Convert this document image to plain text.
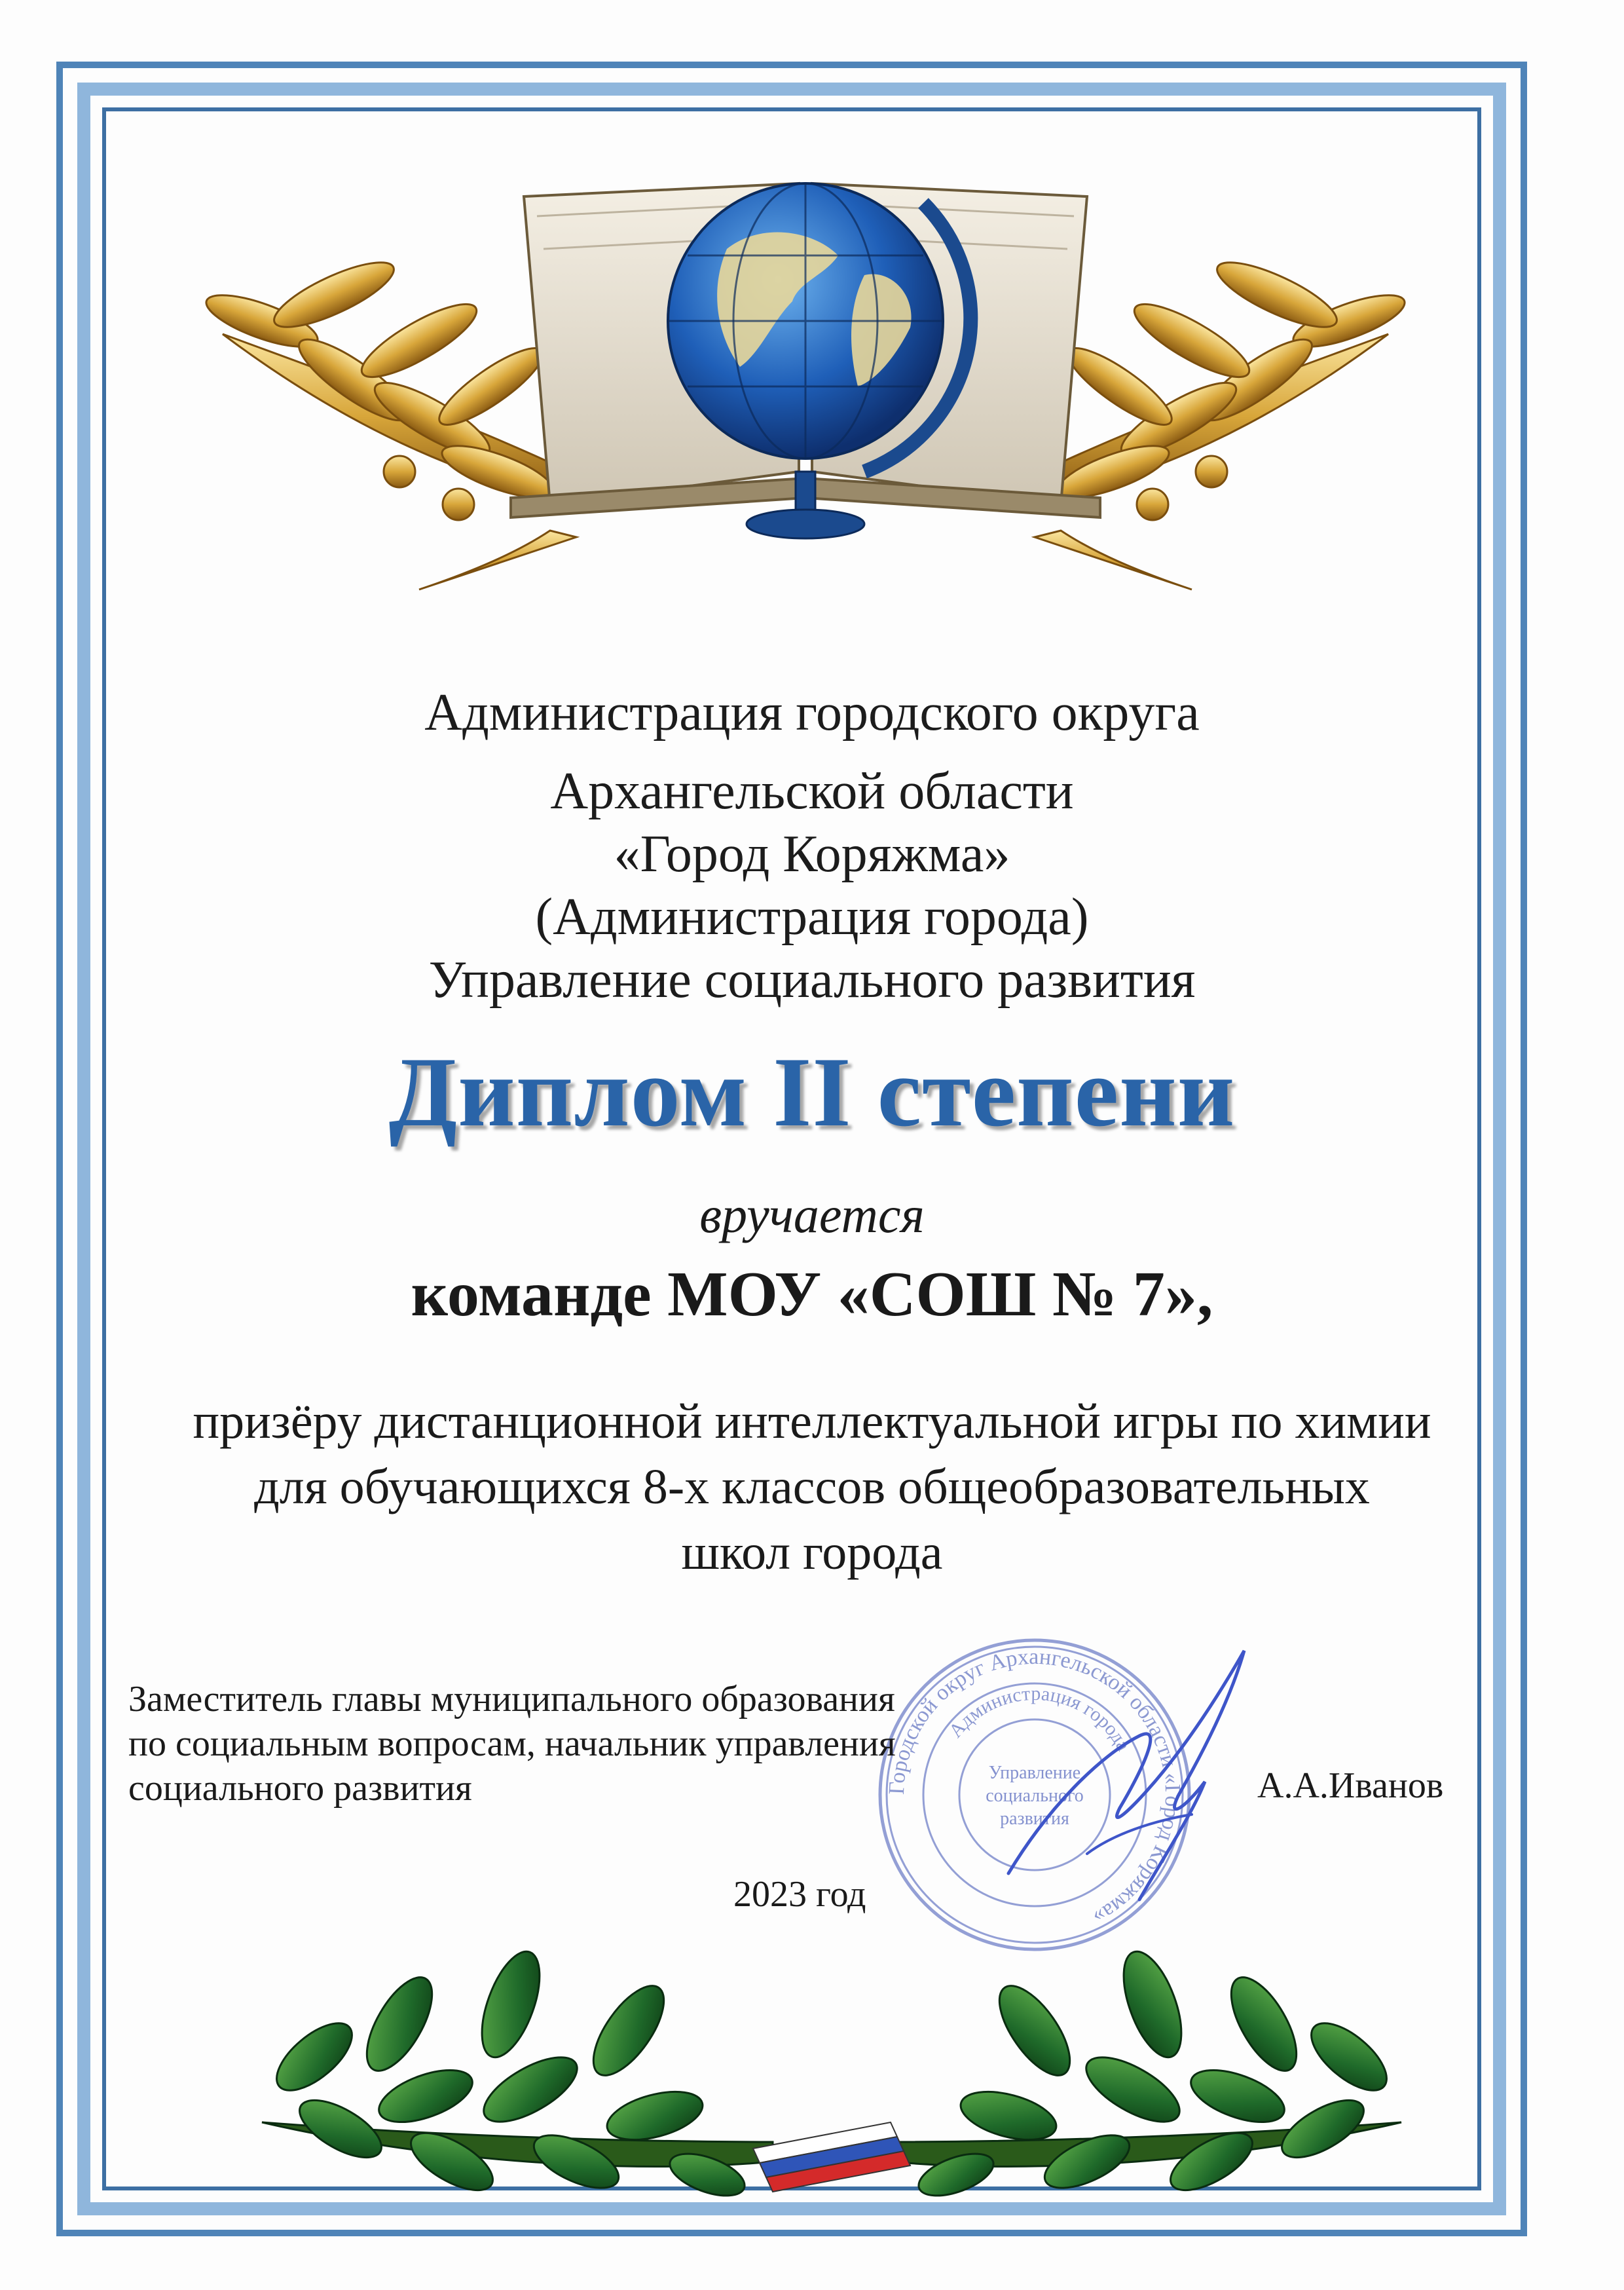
Администрация городского округа

Архангельской области

«Город Коряжма»

(Администрация города)

Управление социального развития

Диплом II степени
вручается
команде МОУ «СОШ № 7»,

призёру дистанционной интеллектуальной игры по химии

для обучающихся 8-х классов общеобразовательных

школ города

Городской округ Архангельской области «Город Коряжма»
Администрация города
Управление
социального
развития

Заместитель главы муниципального образования

по социальным вопросам, начальник управления

социального развития	А.А.Иванов
2023 год
